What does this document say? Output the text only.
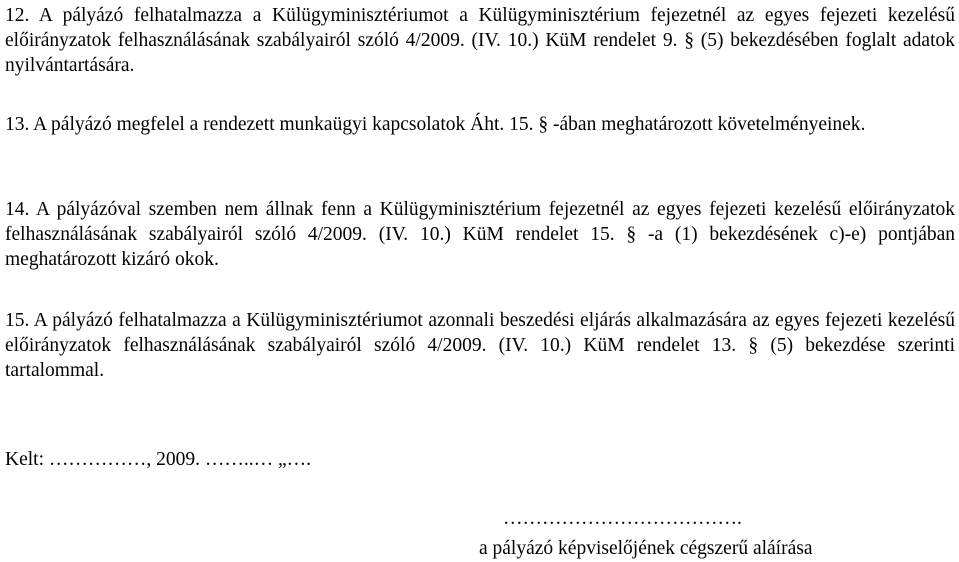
12. A pályázó felhatalmazza a Külügyminisztériumot a Külügyminisztérium fejezetnél az egyes fejezeti kezelésű előirányzatok felhasználásának szabályairól szóló 4/2009. (IV. 10.) KüM rendelet 9. § (5) bekezdésében foglalt adatok nyilvántartására.

13. A pályázó megfelel a rendezett munkaügyi kapcsolatok Áht. 15. § -ában meghatározott követelményeinek.

14. A pályázóval szemben nem állnak fenn a Külügyminisztérium fejezetnél az egyes fejezeti kezelésű előirányzatok felhasználásának szabályairól szóló 4/2009. (IV. 10.) KüM rendelet 15. § -a (1) bekezdésének c)-e) pontjában meghatározott kizáró okok.

15. A pályázó felhatalmazza a Külügyminisztériumot azonnali beszedési eljárás alkalmazására az egyes fejezeti kezelésű előirányzatok felhasználásának szabályairól szóló 4/2009. (IV. 10.) KüM rendelet 13. § (5) bekezdése szerinti tartalommal.

Kelt: ……………, 2009. ……..… „….
……………………………….
a pályázó képviselőjének cégszerű aláírása
